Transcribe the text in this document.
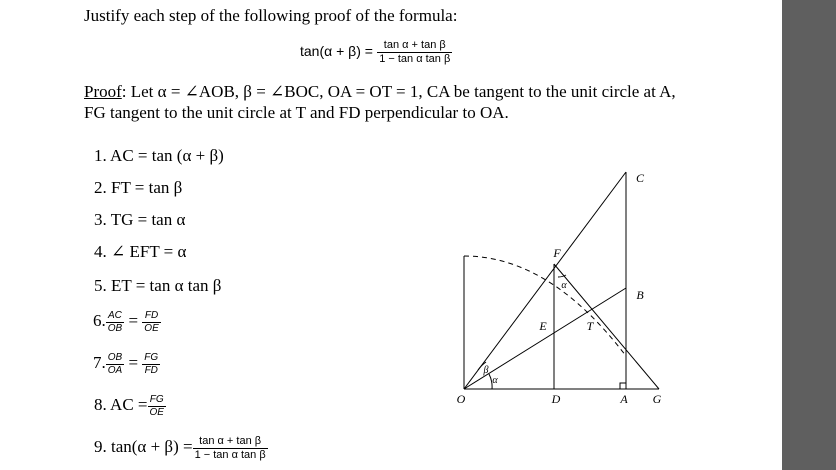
Justify each step of the following proof of the formula:
$\tan(\alpha + \beta) = \frac{\text{tan α + tan β}}{\text{1 − tan α tan β}}$
Proof: Let α = ∠AOB, β = ∠BOC, OA = OT = 1, CA be tangent to the unit circle at A,
FG tangent to the unit circle at T and FD perpendicular to OA.
1. AC = tan (α + β)
2. FT = tan β
3. TG = tan α
4. ∠ EFT = α
5. ET = tan α tan β
6. $\frac{AC}{OB} = \frac{FD}{OE}$
7. $\frac{OB}{OA} = \frac{FG}{FD}$
8. AC = $\frac{FG}{OE}$
9. $\tan(\alpha + \beta) = \frac{\text{tan α + tan β}}{\text{1 − tan α tan β}}$
O	D	A G
C
B
F
E	T
α
β
α
